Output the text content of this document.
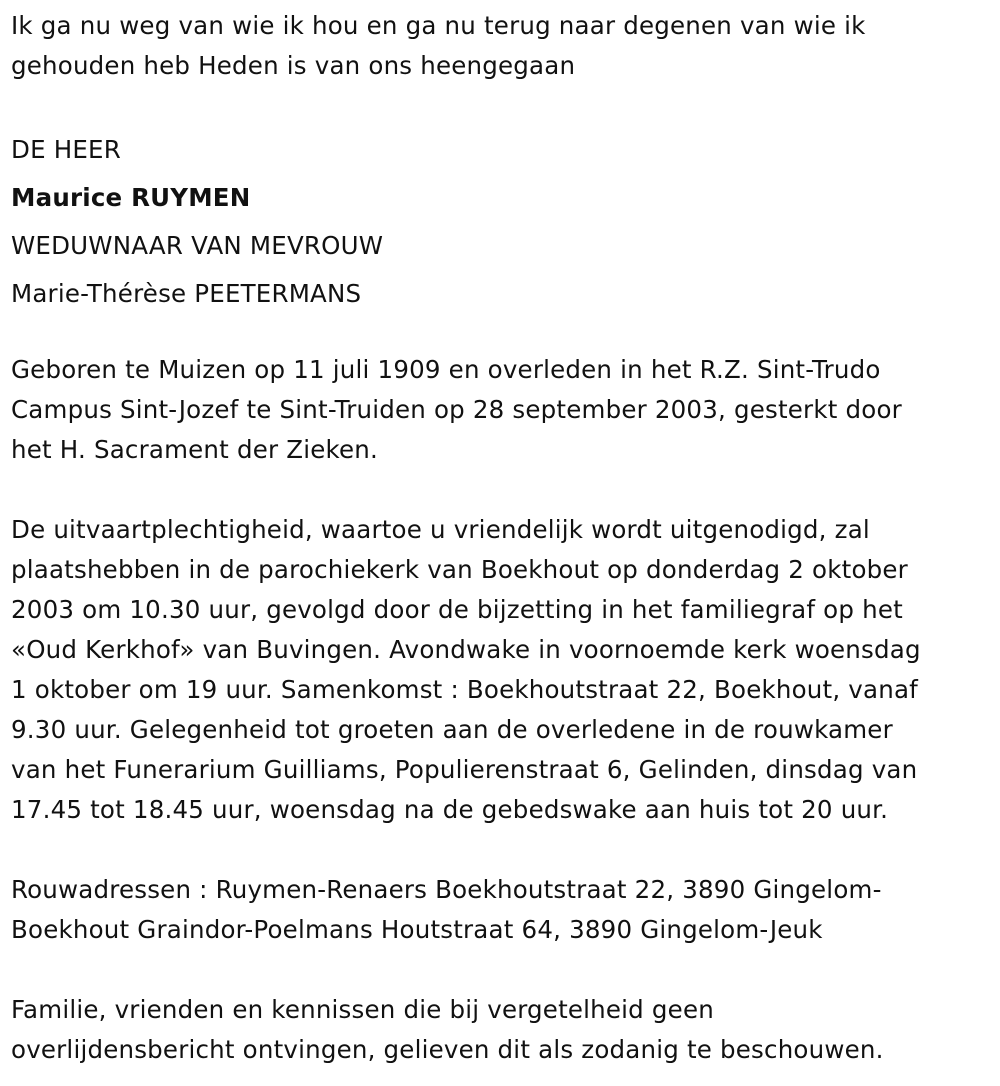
Ik ga nu weg van wie ik hou en ga nu terug naar degenen van wie ik
gehouden heb Heden is van ons heengegaan
DE HEER
Maurice RUYMEN
WEDUWNAAR VAN MEVROUW
Marie-Thérèse PEETERMANS
Geboren te Muizen op 11 juli 1909 en overleden in het R.Z. Sint-Trudo
Campus Sint-Jozef te Sint-Truiden op 28 september 2003, gesterkt door
het H. Sacrament der Zieken.
De uitvaartplechtigheid, waartoe u vriendelijk wordt uitgenodigd, zal
plaatshebben in de parochiekerk van Boekhout op donderdag 2 oktober
2003 om 10.30 uur, gevolgd door de bijzetting in het familiegraf op het
«Oud Kerkhof» van Buvingen. Avondwake in voornoemde kerk woensdag
1 oktober om 19 uur. Samenkomst : Boekhoutstraat 22, Boekhout, vanaf
9.30 uur. Gelegenheid tot groeten aan de overledene in de rouwkamer
van het Funerarium Guilliams, Populierenstraat 6, Gelinden, dinsdag van
17.45 tot 18.45 uur, woensdag na de gebedswake aan huis tot 20 uur.
Rouwadressen : Ruymen-Renaers Boekhoutstraat 22, 3890 Gingelom-
Boekhout Graindor-Poelmans Houtstraat 64, 3890 Gingelom-Jeuk
Familie, vrienden en kennissen die bij vergetelheid geen
overlijdensbericht ontvingen, gelieven dit als zodanig te beschouwen.
